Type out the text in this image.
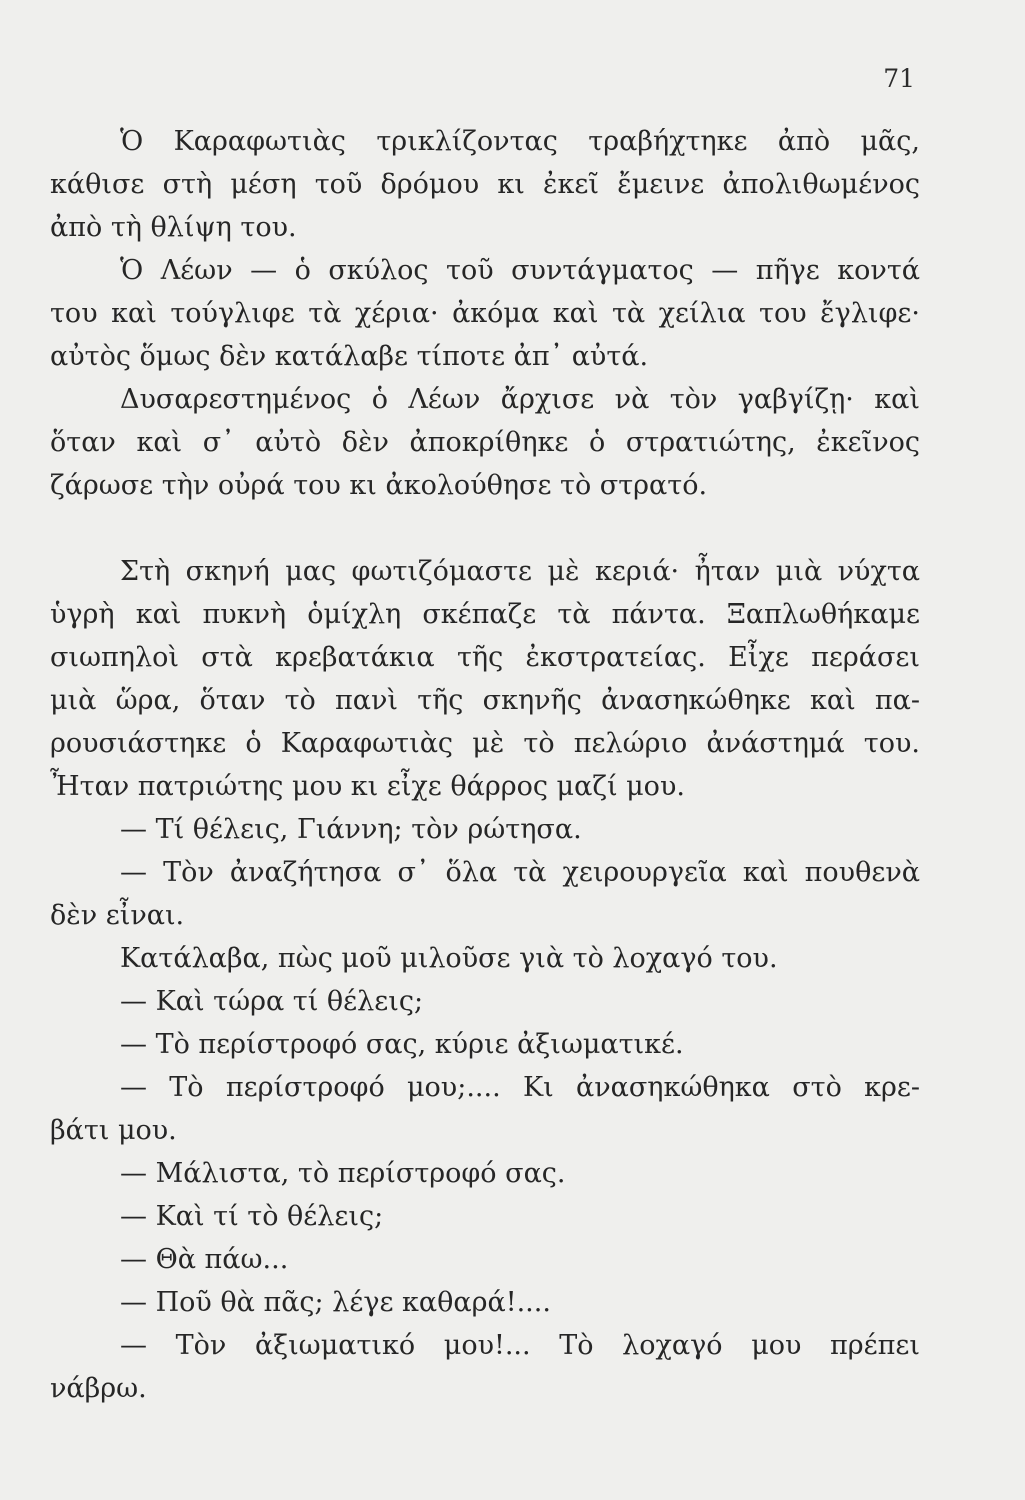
71
Ὁ Καραφωτιὰς τρικλίζοντας τραβήχτηκε ἀπὸ μᾶς,
κάθισε στὴ μέση τοῦ δρόμου κι ἐκεῖ ἔμεινε ἀπολιθωμένος
ἀπὸ τὴ θλίψη του.
Ὁ Λέων — ὁ σκύλος τοῦ συντάγματος — πῆγε κοντά
του καὶ τούγλιφε τὰ χέρια· ἀκόμα καὶ τὰ χείλια του ἔγλιφε·
αὐτὸς ὅμως δὲν κατάλαβε τίποτε ἀπ᾽ αὐτά.
Δυσαρεστημένος ὁ Λέων ἄρχισε νὰ τὸν γαβγίζῃ· καὶ
ὅταν καὶ σ᾽ αὐτὸ δὲν ἀποκρίθηκε ὁ στρατιώτης, ἐκεῖνος
ζάρωσε τὴν οὐρά του κι ἀκολούθησε τὸ στρατό.
Στὴ σκηνή μας φωτιζόμαστε μὲ κεριά· ἦταν μιὰ νύχτα
ὑγρὴ καὶ πυκνὴ ὁμίχλη σκέπαζε τὰ πάντα. Ξαπλωθήκαμε
σιωπηλοὶ στὰ κρεβατάκια τῆς ἐκστρατείας. Εἶχε περάσει
μιὰ ὥρα, ὅταν τὸ πανὶ τῆς σκηνῆς ἀνασηκώθηκε καὶ πα-
ρουσιάστηκε ὁ Καραφωτιὰς μὲ τὸ πελώριο ἀνάστημά του.
Ἦταν πατριώτης μου κι εἶχε θάρρος μαζί μου.
— Τί θέλεις, Γιάννη; τὸν ρώτησα.
— Τὸν ἀναζήτησα σ᾽ ὅλα τὰ χειρουργεῖα καὶ πουθενὰ
δὲν εἶναι.
Κατάλαβα, πὼς μοῦ μιλοῦσε γιὰ τὸ λοχαγό του.
— Καὶ τώρα τί θέλεις;
— Τὸ περίστροφό σας, κύριε ἀξιωματικέ.
— Τὸ περίστροφό μου;.... Κι ἀνασηκώθηκα στὸ κρε-
βάτι μου.
— Μάλιστα, τὸ περίστροφό σας.
— Καὶ τί τὸ θέλεις;
— Θὰ πάω...
— Ποῦ θὰ πᾶς; λέγε καθαρά!....
— Τὸν ἀξιωματικό μου!... Τὸ λοχαγό μου πρέπει
νάβρω.
